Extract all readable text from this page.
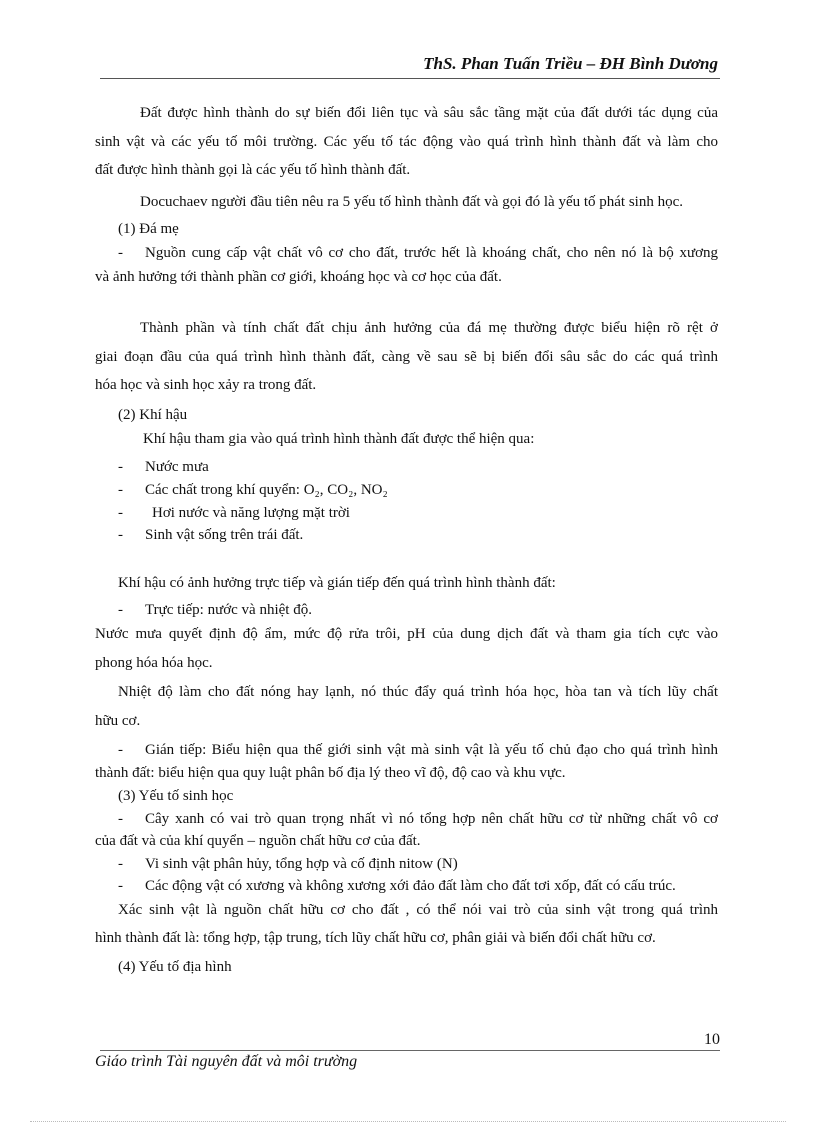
ThS. Phan Tuấn Triều – ĐH Bình Dương
Đất được hình thành do sự biến đổi liên tục và sâu sắc tầng mặt của đất dưới tác dụng của
sinh vật và các yếu tố môi trường. Các yếu tố tác động vào quá trình hình thành đất và làm cho
đất được hình thành gọi là các yếu tố hình thành đất.
Docuchaev người đầu tiên nêu ra 5 yếu tố hình thành đất và gọi đó là yếu tố phát sinh học.
(1) Đá mẹ
- Nguồn cung cấp vật chất vô cơ cho đất, trước hết là khoáng chất, cho nên nó là bộ xương
và ảnh hưởng tới thành phần cơ giới, khoáng học và cơ học của đất.
Thành phần và tính chất đất chịu ảnh hưởng của đá mẹ thường được biểu hiện rõ rệt ở
giai đoạn đầu của quá trình hình thành đất, càng về sau sẽ bị biến đổi sâu sắc do các quá trình
hóa học và sinh học xảy ra trong đất.
(2) Khí hậu
Khí hậu tham gia vào quá trình hình thành đất được thể hiện qua:
- Nước mưa
- Các chất trong khí quyển: O₂, CO₂, NO₂
- Hơi nước và năng lượng mặt trời
- Sinh vật sống trên trái đất.
Khí hậu có ảnh hưởng trực tiếp và gián tiếp đến quá trình hình thành đất:
- Trực tiếp: nước và nhiệt độ.
Nước mưa quyết định độ ẩm, mức độ rửa trôi, pH của dung dịch đất và tham gia tích cực vào
phong hóa hóa học.
Nhiệt độ làm cho đất nóng hay lạnh, nó thúc đẩy quá trình hóa học, hòa tan và tích lũy chất
hữu cơ.
- Gián tiếp: Biểu hiện qua thế giới sinh vật mà sinh vật là yếu tố chủ đạo cho quá trình hình
thành đất: biểu hiện qua quy luật phân bố địa lý theo vĩ độ, độ cao và khu vực.
(3) Yếu tố sinh học
- Cây xanh có vai trò quan trọng nhất vì nó tổng hợp nên chất hữu cơ từ những chất vô cơ
của đất và của khí quyển – nguồn chất hữu cơ của đất.
- Vi sinh vật phân hủy, tổng hợp và cố định nitow (N)
- Các động vật có xương và không xương xới đảo đất làm cho đất tơi xốp, đất có cấu trúc.
Xác sinh vật là nguồn chất hữu cơ cho đất , có thể nói vai trò của sinh vật trong quá trình
hình thành đất là: tổng hợp, tập trung, tích lũy chất hữu cơ, phân giải và biến đổi chất hữu cơ.
(4) Yếu tố địa hình
10
Giáo trình Tài nguyên đất và môi trường
